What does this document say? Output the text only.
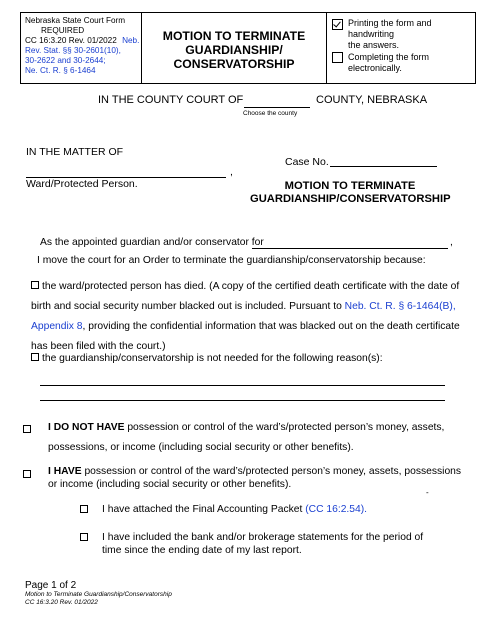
Nebraska State Court Form
REQUIRED
CC 16:3.20 Rev. 01/2022 Neb.
Rev. Stat. §§ 30-2601(10),
30-2622 and 30-2644;
Ne. Ct. R. § 6-1464
MOTION TO TERMINATE
GUARDIANSHIP/
CONSERVATORSHIP
Printing the form and handwriting
the answers.
Completing the form electronically.
IN THE COUNTY COURT OF	COUNTY, NEBRASKA
Choose the county
IN THE MATTER OF
,
Ward/Protected Person.
Case No.
MOTION TO TERMINATE
GUARDIANSHIP/CONSERVATORSHIP
As the appointed guardian and/or conservator for	,
I move the court for an Order to terminate the guardianship/conservatorship because:
the ward/protected person has died. (A copy of the certified death certificate with the date of
birth and social security number blacked out is included. Pursuant to Neb. Ct. R. § 6-1464(B),
Appendix 8, providing the confidential information that was blacked out on the death certificate
has been filed with the court.)
the guardianship/conservatorship is not needed for the following reason(s):
I DO NOT HAVE possession or control of the ward’s/protected person’s money, assets,
possessions, or income (including social security or other benefits).
I HAVE possession or control of the ward’s/protected person’s money, assets, possessions
or income (including social security or other benefits).
-
I have attached the Final Accounting Packet (CC 16:2.54).
I have included the bank and/or brokerage statements for the period of
time since the ending date of my last report.
Page 1 of 2
Motion to Terminate Guardianship/Conservatorship
CC 16:3.20 Rev. 01/2022
